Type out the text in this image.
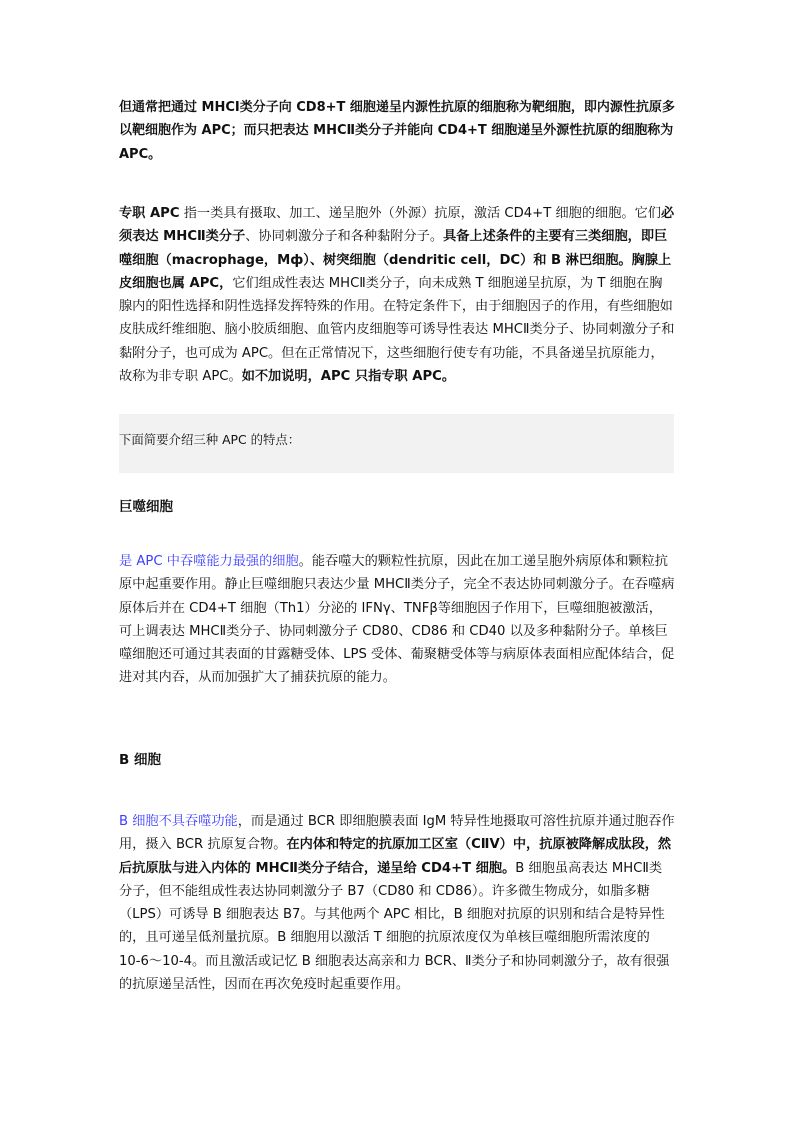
但通常把通过 MHCⅠ类分子向 CD8+T 细胞递呈内源性抗原的细胞称为靶细胞，即内源性抗原多以靶细胞作为 APC；而只把表达 MHCⅡ类分子并能向 CD4+T 细胞递呈外源性抗原的细胞称为 APC。
专职 APC 指一类具有摄取、加工、递呈胞外（外源）抗原，激活 CD4+T 细胞的细胞。它们必须表达 MHCⅡ类分子、协同刺激分子和各种黏附分子。具备上述条件的主要有三类细胞，即巨噬细胞（macrophage，Mф）、树突细胞（dendritic cell，DC）和 B 淋巴细胞。胸腺上皮细胞也属 APC，它们组成性表达 MHCⅡ类分子，向未成熟 T 细胞递呈抗原，为 T 细胞在胸腺内的阳性选择和阴性选择发挥特殊的作用。在特定条件下，由于细胞因子的作用，有些细胞如皮肤成纤维细胞、脑小胶质细胞、血管内皮细胞等可诱导性表达 MHCⅡ类分子、协同刺激分子和黏附分子，也可成为 APC。但在正常情况下，这些细胞行使专有功能，不具备递呈抗原能力，故称为非专职 APC。如不加说明，APC 只指专职 APC。
下面简要介绍三种 APC 的特点：
巨噬细胞
是 APC 中吞噬能力最强的细胞。能吞噬大的颗粒性抗原，因此在加工递呈胞外病原体和颗粒抗原中起重要作用。静止巨噬细胞只表达少量 MHCⅡ类分子，完全不表达协同刺激分子。在吞噬病原体后并在 CD4+T 细胞（Th1）分泌的 IFNγ、TNFβ等细胞因子作用下，巨噬细胞被激活，可上调表达 MHCⅡ类分子、协同刺激分子 CD80、CD86 和 CD40 以及多种黏附分子。单核巨噬细胞还可通过其表面的甘露糖受体、LPS 受体、葡聚糖受体等与病原体表面相应配体结合，促进对其内吞，从而加强扩大了捕获抗原的能力。
B 细胞
B 细胞不具吞噬功能，而是通过 BCR 即细胞膜表面 IgM 特异性地摄取可溶性抗原并通过胞吞作用，摄入 BCR 抗原复合物。在内体和特定的抗原加工区室（CⅡV）中，抗原被降解成肽段，然后抗原肽与进入内体的 MHCⅡ类分子结合，递呈给 CD4+T 细胞。B 细胞虽高表达 MHCⅡ类分子，但不能组成性表达协同刺激分子 B7（CD80 和 CD86）。许多微生物成分，如脂多糖（LPS）可诱导 B 细胞表达 B7。与其他两个 APC 相比，B 细胞对抗原的识别和结合是特异性的，且可递呈低剂量抗原。B 细胞用以激活 T 细胞的抗原浓度仅为单核巨噬细胞所需浓度的 10-6～10-4。而且激活或记忆 B 细胞表达高亲和力 BCR、Ⅱ类分子和协同刺激分子，故有很强的抗原递呈活性，因而在再次免疫时起重要作用。
